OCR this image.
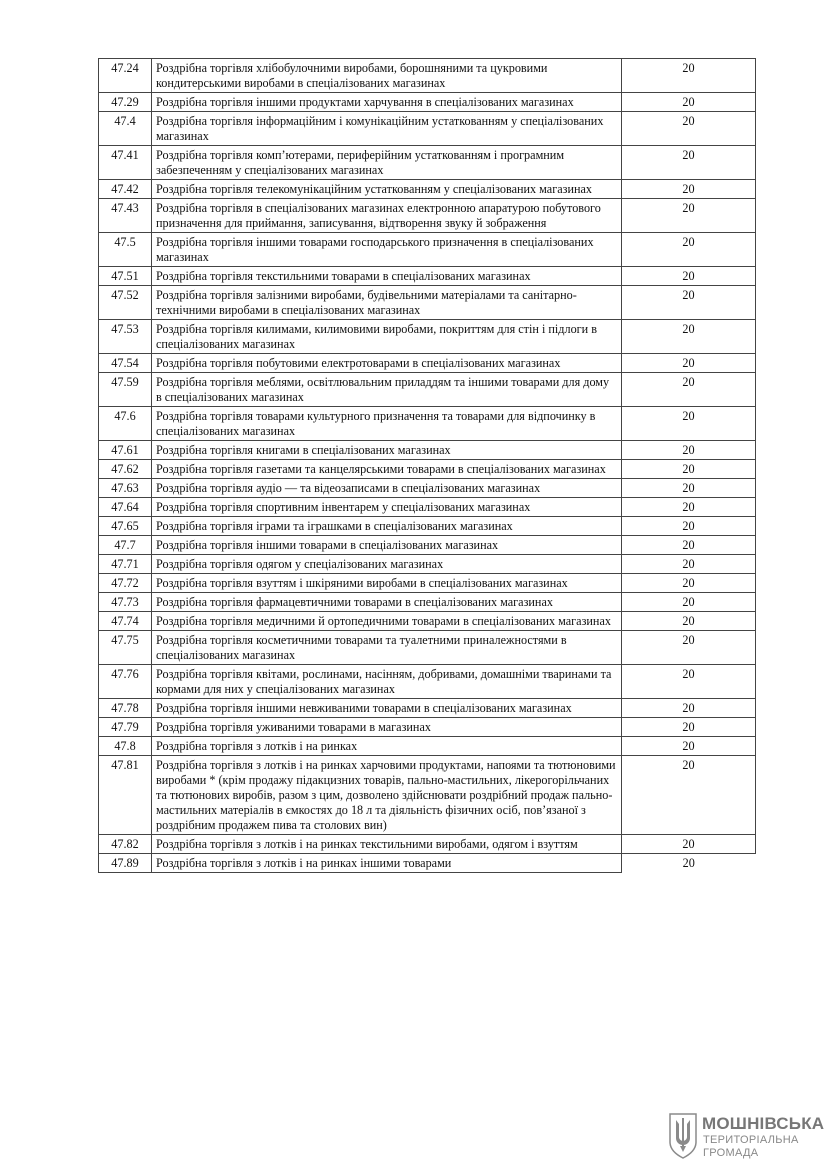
47.24	Роздрібна торгівля хлібобулочними виробами, борошняними та цукровими кондитерськими виробами в спеціалізованих магазинах	20
47.29	Роздрібна торгівля іншими продуктами харчування в спеціалізованих магазинах	20
47.4	Роздрібна торгівля інформаційним і комунікаційним устаткованням у спеціалізованих магазинах	20
47.41	Роздрібна торгівля комп’ютерами, периферійним устаткованням і програмним забезпеченням у спеціалізованих магазинах	20
47.42	Роздрібна торгівля телекомунікаційним устаткованням у спеціалізованих магазинах	20
47.43	Роздрібна торгівля в спеціалізованих магазинах електронною апаратурою побутового призначення для приймання, записування, відтворення звуку й зображення	20
47.5	Роздрібна торгівля іншими товарами господарського призначення в спеціалізованих магазинах	20
47.51	Роздрібна торгівля текстильними товарами в спеціалізованих магазинах	20
47.52	Роздрібна торгівля залізними виробами, будівельними матеріалами та санітарно-технічними виробами в спеціалізованих магазинах	20
47.53	Роздрібна торгівля килимами, килимовими виробами, покриттям для стін і підлоги в спеціалізованих магазинах	20
47.54	Роздрібна торгівля побутовими електротоварами в спеціалізованих магазинах	20
47.59	Роздрібна торгівля меблями, освітлювальним приладдям та іншими товарами для дому в спеціалізованих магазинах	20
47.6	Роздрібна торгівля товарами культурного призначення та товарами для відпочинку в спеціалізованих магазинах	20
47.61	Роздрібна торгівля книгами в спеціалізованих магазинах	20
47.62	Роздрібна торгівля газетами та канцелярськими товарами в спеціалізованих магазинах	20
47.63	Роздрібна торгівля аудіо — та відеозаписами в спеціалізованих магазинах	20
47.64	Роздрібна торгівля спортивним інвентарем у спеціалізованих магазинах	20
47.65	Роздрібна торгівля іграми та іграшками в спеціалізованих магазинах	20
47.7	Роздрібна торгівля іншими товарами в спеціалізованих магазинах	20
47.71	Роздрібна торгівля одягом у спеціалізованих магазинах	20
47.72	Роздрібна торгівля взуттям і шкіряними виробами в спеціалізованих магазинах	20
47.73	Роздрібна торгівля фармацевтичними товарами в спеціалізованих магазинах	20
47.74	Роздрібна торгівля медичними й ортопедичними товарами в спеціалізованих магазинах	20
47.75	Роздрібна торгівля косметичними товарами та туалетними приналежностями в спеціалізованих магазинах	20
47.76	Роздрібна торгівля квітами, рослинами, насінням, добривами, домашніми тваринами та кормами для них у спеціалізованих магазинах	20
47.78	Роздрібна торгівля іншими невживаними товарами в спеціалізованих магазинах	20
47.79	Роздрібна торгівля уживаними товарами в магазинах	20
47.8	Роздрібна торгівля з лотків і на ринках	20
47.81	Роздрібна торгівля з лотків і на ринках харчовими продуктами, напоями та тютюновими виробами * (крім продажу підакцизних товарів, пально-мастильних, лікерогорільчаних та тютюнових виробів, разом з цим, дозволено здійснювати роздрібний продаж пально-мастильних матеріалів в ємкостях до 18 л та діяльність фізичних осіб, пов’язаної з роздрібним продажем пива та столових вин)	20
47.82	Роздрібна торгівля з лотків і на ринках текстильними виробами, одягом і взуттям	20
47.89	Роздрібна торгівля з лотків і на ринках іншими товарами	20
МОШНІВСЬКА
ТЕРИТОРІАЛЬНА
ГРОМАДА
